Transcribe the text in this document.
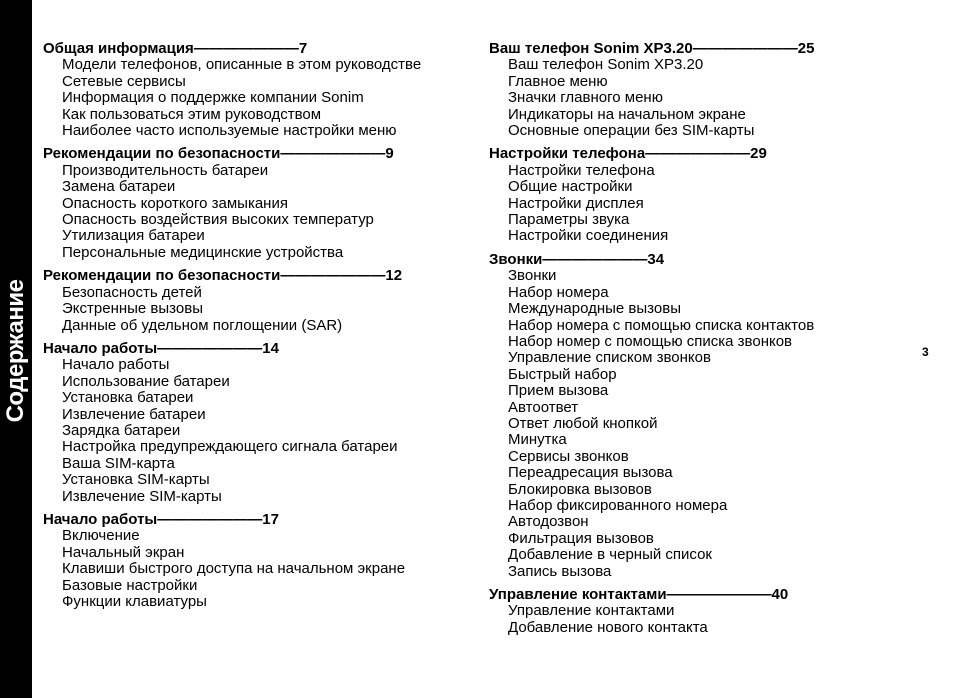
Содержание	3
Общая информация———————7
Модели телефонов, описанные в этом руководстве
Сетевые сервисы
Информация о поддержке компании Sonim
Как пользоваться этим руководством
Наиболее часто используемые настройки меню
Рекомендации по безопасности———————9
Производительность батареи
Замена батареи
Опасность короткого замыкания
Опасность воздействия высоких температур
Утилизация батареи
Персональные медицинские устройства
Рекомендации по безопасности———————12
Безопасность детей
Экстренные вызовы
Данные об удельном поглощении (SAR)
Начало работы———————14
Начало работы
Использование батареи
Установка батареи
Извлечение батареи
Зарядка батареи
Настройка предупреждающего сигнала батареи
Ваша SIM-карта
Установка SIM-карты
Извлечение SIM-карты
Начало работы———————17
Включение
Начальный экран
Клавиши быстрого доступа на начальном экране
Базовые настройки
Функции клавиатуры
Ваш телефон Sonim XP3.20———————25
Ваш телефон Sonim XP3.20
Главное меню
Значки главного меню
Индикаторы на начальном экране
Основные операции без SIM-карты
Настройки телефона———————29
Настройки телефона
Общие настройки
Настройки дисплея
Параметры звука
Настройки соединения
Звонки———————34
Звонки
Набор номера
Международные вызовы
Набор номера с помощью списка контактов
Набор номер с помощью списка звонков
Управление списком звонков
Быстрый набор
Прием вызова
Автоответ
Ответ любой кнопкой
Минутка
Сервисы звонков
Переадресация вызова
Блокировка вызовов
Набор фиксированного номера
Автодозвон
Фильтрация вызовов
Добавление в черный список
Запись вызова
Управление контактами———————40
Управление контактами
Добавление нового контакта
